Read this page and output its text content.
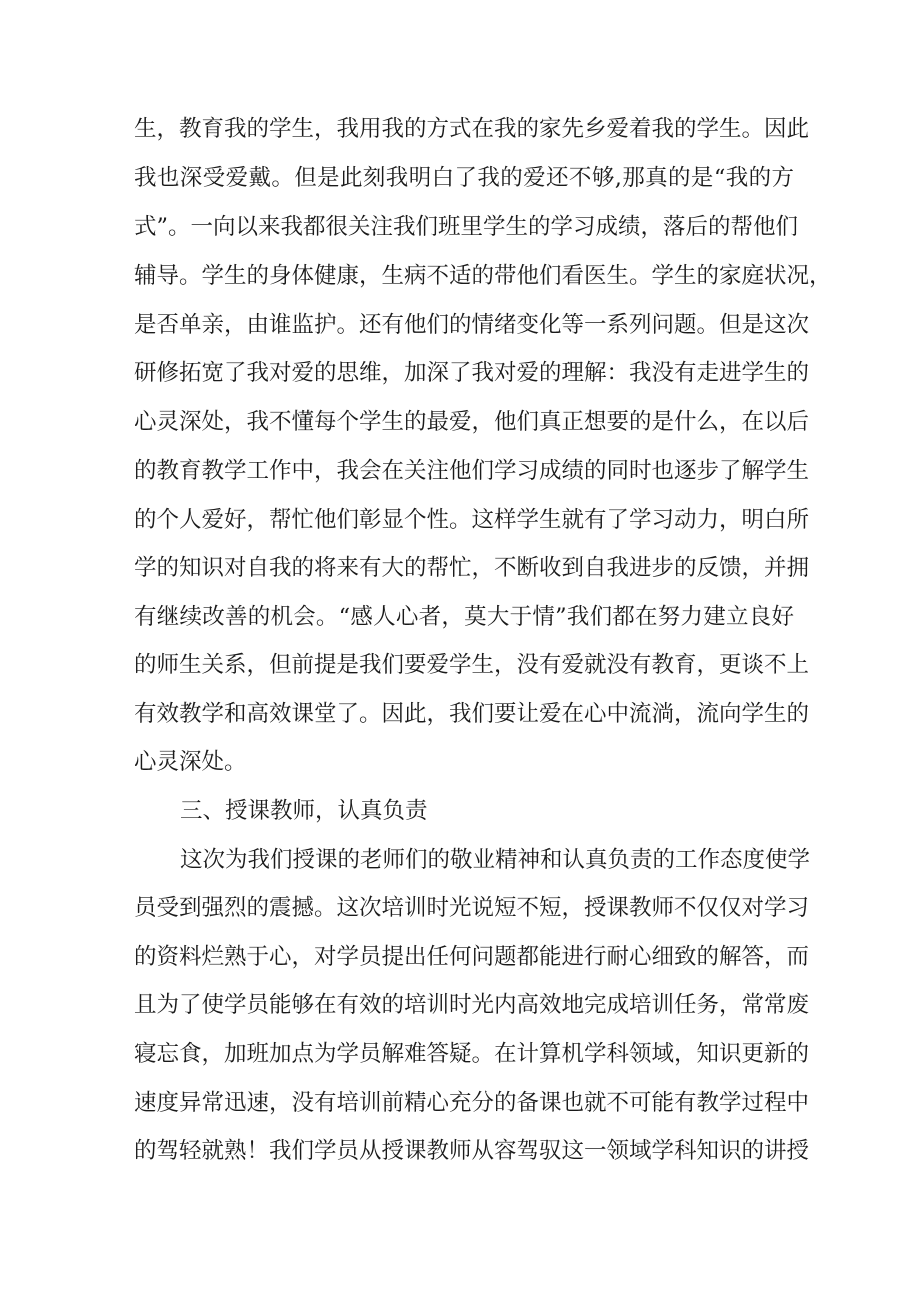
生，教育我的学生，我用我的方式在我的家先乡爱着我的学生。因此
我也深受爱戴。但是此刻我明白了我的爱还不够,那真的是“我的方
式”。一向以来我都很关注我们班里学生的学习成绩，落后的帮他们
辅导。学生的身体健康，生病不适的带他们看医生。学生的家庭状况，
是否单亲，由谁监护。还有他们的情绪变化等一系列问题。但是这次
研修拓宽了我对爱的思维，加深了我对爱的理解：我没有走进学生的
心灵深处，我不懂每个学生的最爱，他们真正想要的是什么，在以后
的教育教学工作中，我会在关注他们学习成绩的同时也逐步了解学生
的个人爱好，帮忙他们彰显个性。这样学生就有了学习动力，明白所
学的知识对自我的将来有大的帮忙，不断收到自我进步的反馈，并拥
有继续改善的机会。“感人心者，莫大于情”我们都在努力建立良好
的师生关系，但前提是我们要爱学生，没有爱就没有教育，更谈不上
有效教学和高效课堂了。因此，我们要让爱在心中流淌，流向学生的
心灵深处。
三、授课教师，认真负责
这次为我们授课的老师们的敬业精神和认真负责的工作态度使学
员受到强烈的震撼。这次培训时光说短不短，授课教师不仅仅对学习
的资料烂熟于心，对学员提出任何问题都能进行耐心细致的解答，而
且为了使学员能够在有效的培训时光内高效地完成培训任务，常常废
寝忘食，加班加点为学员解难答疑。在计算机学科领域，知识更新的
速度异常迅速，没有培训前精心充分的备课也就不可能有教学过程中
的驾轻就熟！我们学员从授课教师从容驾驭这一领域学科知识的讲授
